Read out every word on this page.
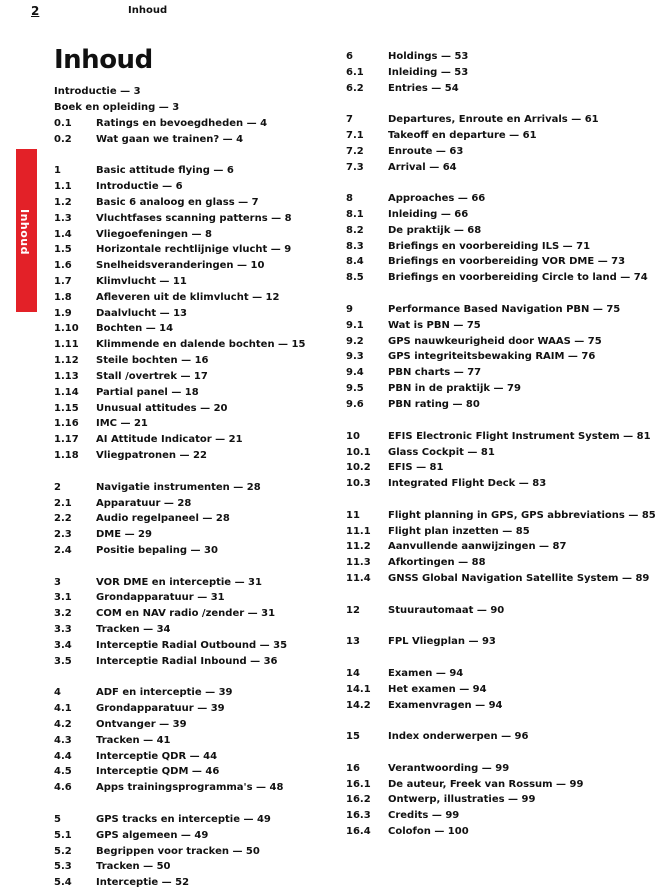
2	Inhoud
Inhoud
Inhoud
Introductie — 3
Boek en opleiding — 3
0.1 Ratings en bevoegdheden — 4
0.2 Wat gaan we trainen? — 4
1	Basic attitude flying — 6
1.1 Introductie — 6
1.2 Basic 6 analoog en glass — 7
1.3 Vluchtfases scanning patterns — 8
1.4 Vliegoefeningen — 8
1.5 Horizontale rechtlijnige vlucht — 9
1.6 Snelheidsveranderingen — 10
1.7 Klimvlucht — 11
1.8 Afleveren uit de klimvlucht — 12
1.9 Daalvlucht — 13
1.10 Bochten — 14
1.11 Klimmende en dalende bochten — 15
1.12 Steile bochten — 16
1.13 Stall /overtrek — 17
1.14 Partial panel — 18
1.15 Unusual attitudes — 20
1.16 IMC — 21
1.17 AI Attitude Indicator — 21
1.18 Vliegpatronen — 22
2	Navigatie instrumenten — 28
2.1 Apparatuur — 28
2.2 Audio regelpaneel — 28
2.3 DME — 29
2.4 Positie bepaling — 30
3	VOR DME en interceptie — 31
3.1 Grondapparatuur — 31
3.2 COM en NAV radio /zender — 31
3.3 Tracken — 34
3.4 Interceptie Radial Outbound — 35
3.5 Interceptie Radial Inbound — 36
4	ADF en interceptie — 39
4.1 Grondapparatuur — 39
4.2 Ontvanger — 39
4.3 Tracken — 41
4.4 Interceptie QDR — 44
4.5 Interceptie QDM — 46
4.6 Apps trainingsprogramma's — 48
5	GPS tracks en interceptie — 49
5.1 GPS algemeen — 49
5.2 Begrippen voor tracken — 50
5.3 Tracken — 50
5.4 Interceptie — 52
6	Holdings — 53
6.1 Inleiding — 53
6.2 Entries — 54
7	Departures, Enroute en Arrivals — 61
7.1 Takeoff en departure — 61
7.2 Enroute — 63
7.3 Arrival — 64
8	Approaches — 66
8.1 Inleiding — 66
8.2 De praktijk — 68
8.3 Briefings en voorbereiding ILS — 71
8.4 Briefings en voorbereiding VOR DME — 73
8.5 Briefings en voorbereiding Circle to land — 74
9	Performance Based Navigation PBN — 75
9.1 Wat is PBN — 75
9.2 GPS nauwkeurigheid door WAAS — 75
9.3 GPS integriteitsbewaking RAIM — 76
9.4 PBN charts — 77
9.5 PBN in de praktijk — 79
9.6 PBN rating — 80
10	EFIS Electronic Flight Instrument System — 81
10.1 Glass Cockpit — 81
10.2 EFIS — 81
10.3 Integrated Flight Deck — 83
11	Flight planning in GPS, GPS abbreviations — 85
11.1 Flight plan inzetten — 85
11.2 Aanvullende aanwijzingen — 87
11.3 Afkortingen — 88
11.4 GNSS Global Navigation Satellite System — 89
12	Stuurautomaat — 90
13	FPL Vliegplan — 93
14	Examen — 94
14.1 Het examen — 94
14.2 Examenvragen — 94
15	Index onderwerpen — 96
16	Verantwoording — 99
16.1 De auteur, Freek van Rossum — 99
16.2 Ontwerp, illustraties — 99
16.3 Credits — 99
16.4 Colofon — 100
